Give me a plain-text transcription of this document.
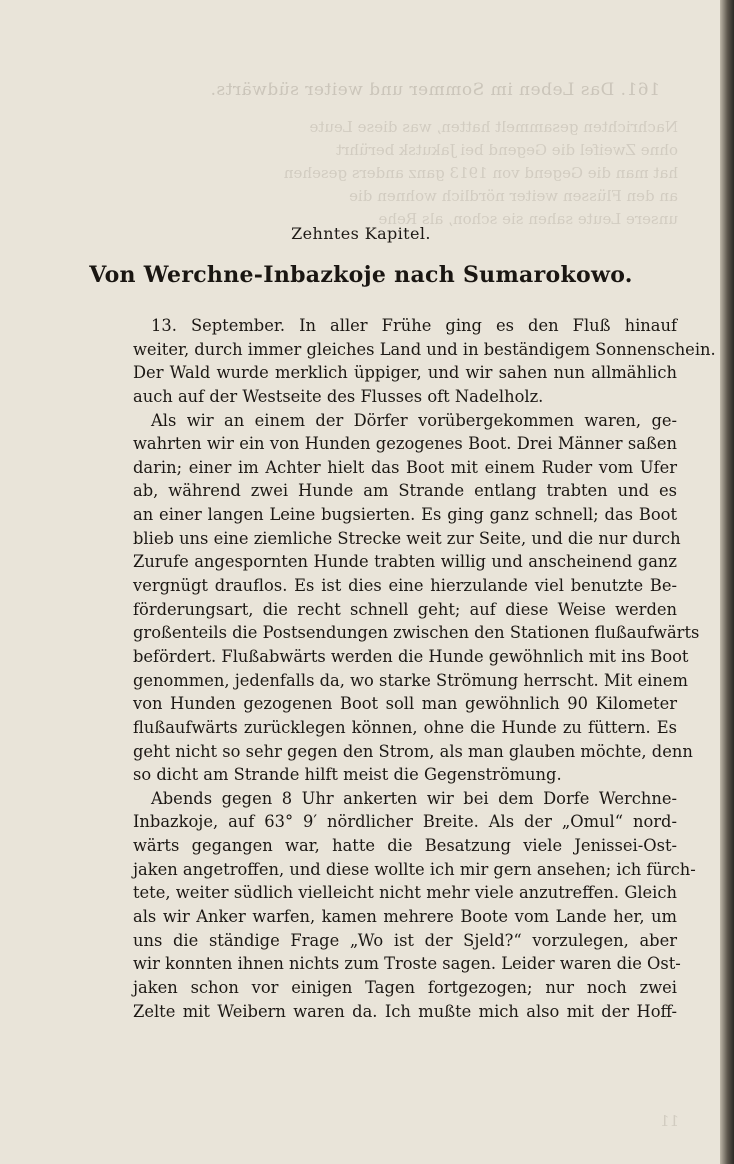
161. Das Leben im Sommer und weiter südwärts.
Nachrichten gesammelt hatten, was diese Leute
ohne Zweifel die Gegend bei Jakutsk berührt
hat man die Gegend von 1913 ganz anders gesehen
an den Flüssen weiter nördlich wohnen die
unsere Leute sahen sie schon, als Rehe
11
Zehntes Kapitel.
Von Werchne-Inbazkoje nach Sumarokowo.
13. September. In aller Frühe ging es den Fluß hinauf
weiter, durch immer gleiches Land und in beständigem Sonnenschein.
Der Wald wurde merklich üppiger, und wir sahen nun allmählich
auch auf der Westseite des Flusses oft Nadelholz.
Als wir an einem der Dörfer vorübergekommen waren, ge-
wahrten wir ein von Hunden gezogenes Boot. Drei Männer saßen
darin; einer im Achter hielt das Boot mit einem Ruder vom Ufer
ab, während zwei Hunde am Strande entlang trabten und es
an einer langen Leine bugsierten. Es ging ganz schnell; das Boot
blieb uns eine ziemliche Strecke weit zur Seite, und die nur durch
Zurufe angespornten Hunde trabten willig und anscheinend ganz
vergnügt drauflos. Es ist dies eine hierzulande viel benutzte Be-
förderungsart, die recht schnell geht; auf diese Weise werden
großenteils die Postsendungen zwischen den Stationen flußaufwärts
befördert. Flußabwärts werden die Hunde gewöhnlich mit ins Boot
genommen, jedenfalls da, wo starke Strömung herrscht. Mit einem
von Hunden gezogenen Boot soll man gewöhnlich 90 Kilometer
flußaufwärts zurücklegen können, ohne die Hunde zu füttern. Es
geht nicht so sehr gegen den Strom, als man glauben möchte, denn
so dicht am Strande hilft meist die Gegenströmung.
Abends gegen 8 Uhr ankerten wir bei dem Dorfe Werchne-
Inbazkoje, auf 63° 9′ nördlicher Breite. Als der „Omul“ nord-
wärts gegangen war, hatte die Besatzung viele Jenissei-Ost-
jaken angetroffen, und diese wollte ich mir gern ansehen; ich fürch-
tete, weiter südlich vielleicht nicht mehr viele anzutreffen. Gleich
als wir Anker warfen, kamen mehrere Boote vom Lande her, um
uns die ständige Frage „Wo ist der Sjeld?“ vorzulegen, aber
wir konnten ihnen nichts zum Troste sagen. Leider waren die Ost-
jaken schon vor einigen Tagen fortgezogen; nur noch zwei
Zelte mit Weibern waren da. Ich mußte mich also mit der Hoff-
